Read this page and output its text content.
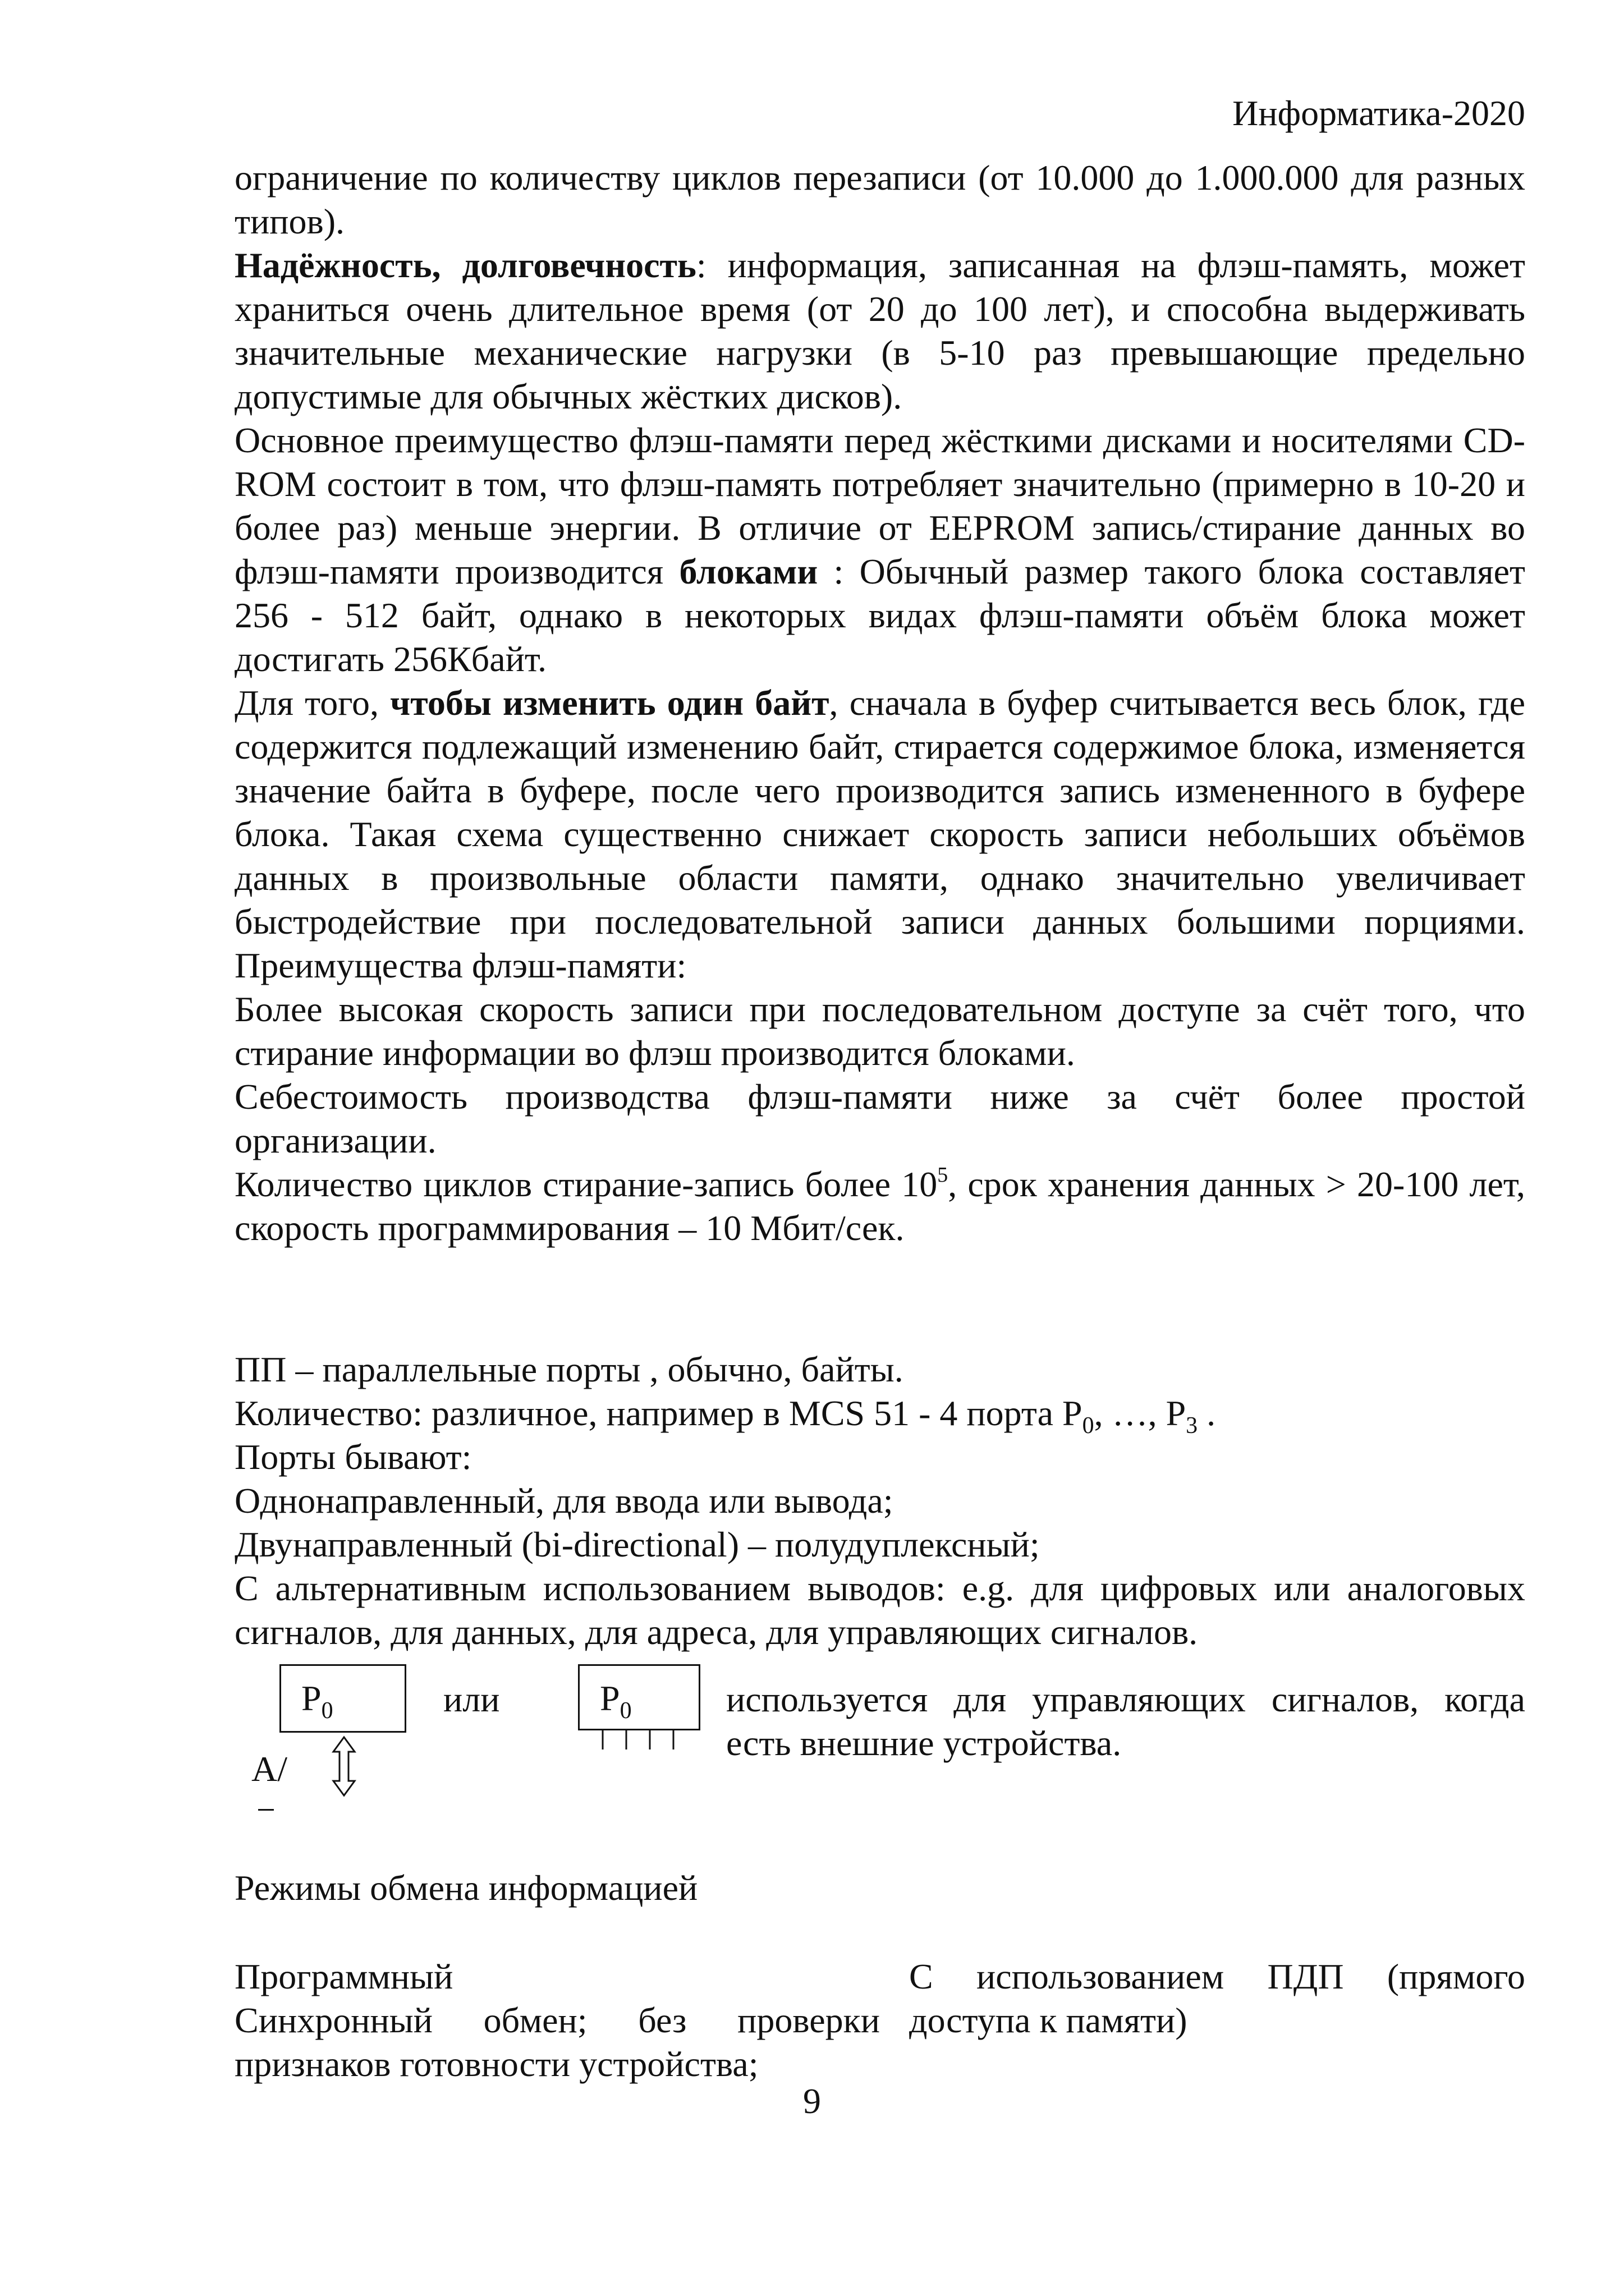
Информатика-2020

ограничение по количеству циклов перезаписи (от 10.000 до 1.000.000 для разных типов).

Надёжность, долговечность: информация, записанная на флэш-память, может храниться очень длительное время (от 20 до 100 лет), и способна выдерживать значительные механические нагрузки (в 5-10 раз превышающие предельно допустимые для обычных жёстких дисков).

Основное преимущество флэш-памяти перед жёсткими дисками и носителями CD-ROM состоит в том, что флэш-память потребляет значительно (примерно в 10-20 и более раз) меньше энергии. В отличие от EEPROM запись/стирание данных во флэш-памяти производится блоками : Обычный размер такого блока составляет 256 - 512 байт, однако в некоторых видах флэш-памяти объём блока может достигать 256Кбайт.

Для того, чтобы изменить один байт, сначала в буфер считывается весь блок, где содержится подлежащий изменению байт, стирается содержимое блока, изменяется значение байта в буфере, после чего производится запись измененного в буфере блока. Такая схема существенно снижает скорость записи небольших объёмов данных в произвольные области памяти, однако значительно увеличивает быстродействие при последовательной записи данных большими порциями.

Преимущества флэш-памяти:

Более высокая скорость записи при последовательном доступе за счёт того, что стирание информации во флэш производится блоками.

Себестоимость производства флэш-памяти ниже за счёт более простой организации.

Количество циклов стирание-запись более $10^5$, срок хранения данных > 20-100 лет, скорость программирования – 10 Мбит/сек.

ПП – параллельные порты , обычно, байты.

Количество: различное, например в MCS 51 - 4 порта $P_0$, …, $P_3$ .

Порты бывают:

Однонаправленный, для ввода или вывода;

Двунаправленный (bi-directional) – полудуплексный;

С альтернативным использованием выводов: e.g. для цифровых или аналоговых сигналов, для данных, для адреса, для управляющих сигналов.

$P_0$
A/
или	$P_0$	используется для управляющих сигналов, когда есть внешние устройства.

Режимы обмена информацией

Программный

Синхронный обмен; без проверки признаков готовности устройства;

С использованием ПДП (прямого доступа к памяти)

9
